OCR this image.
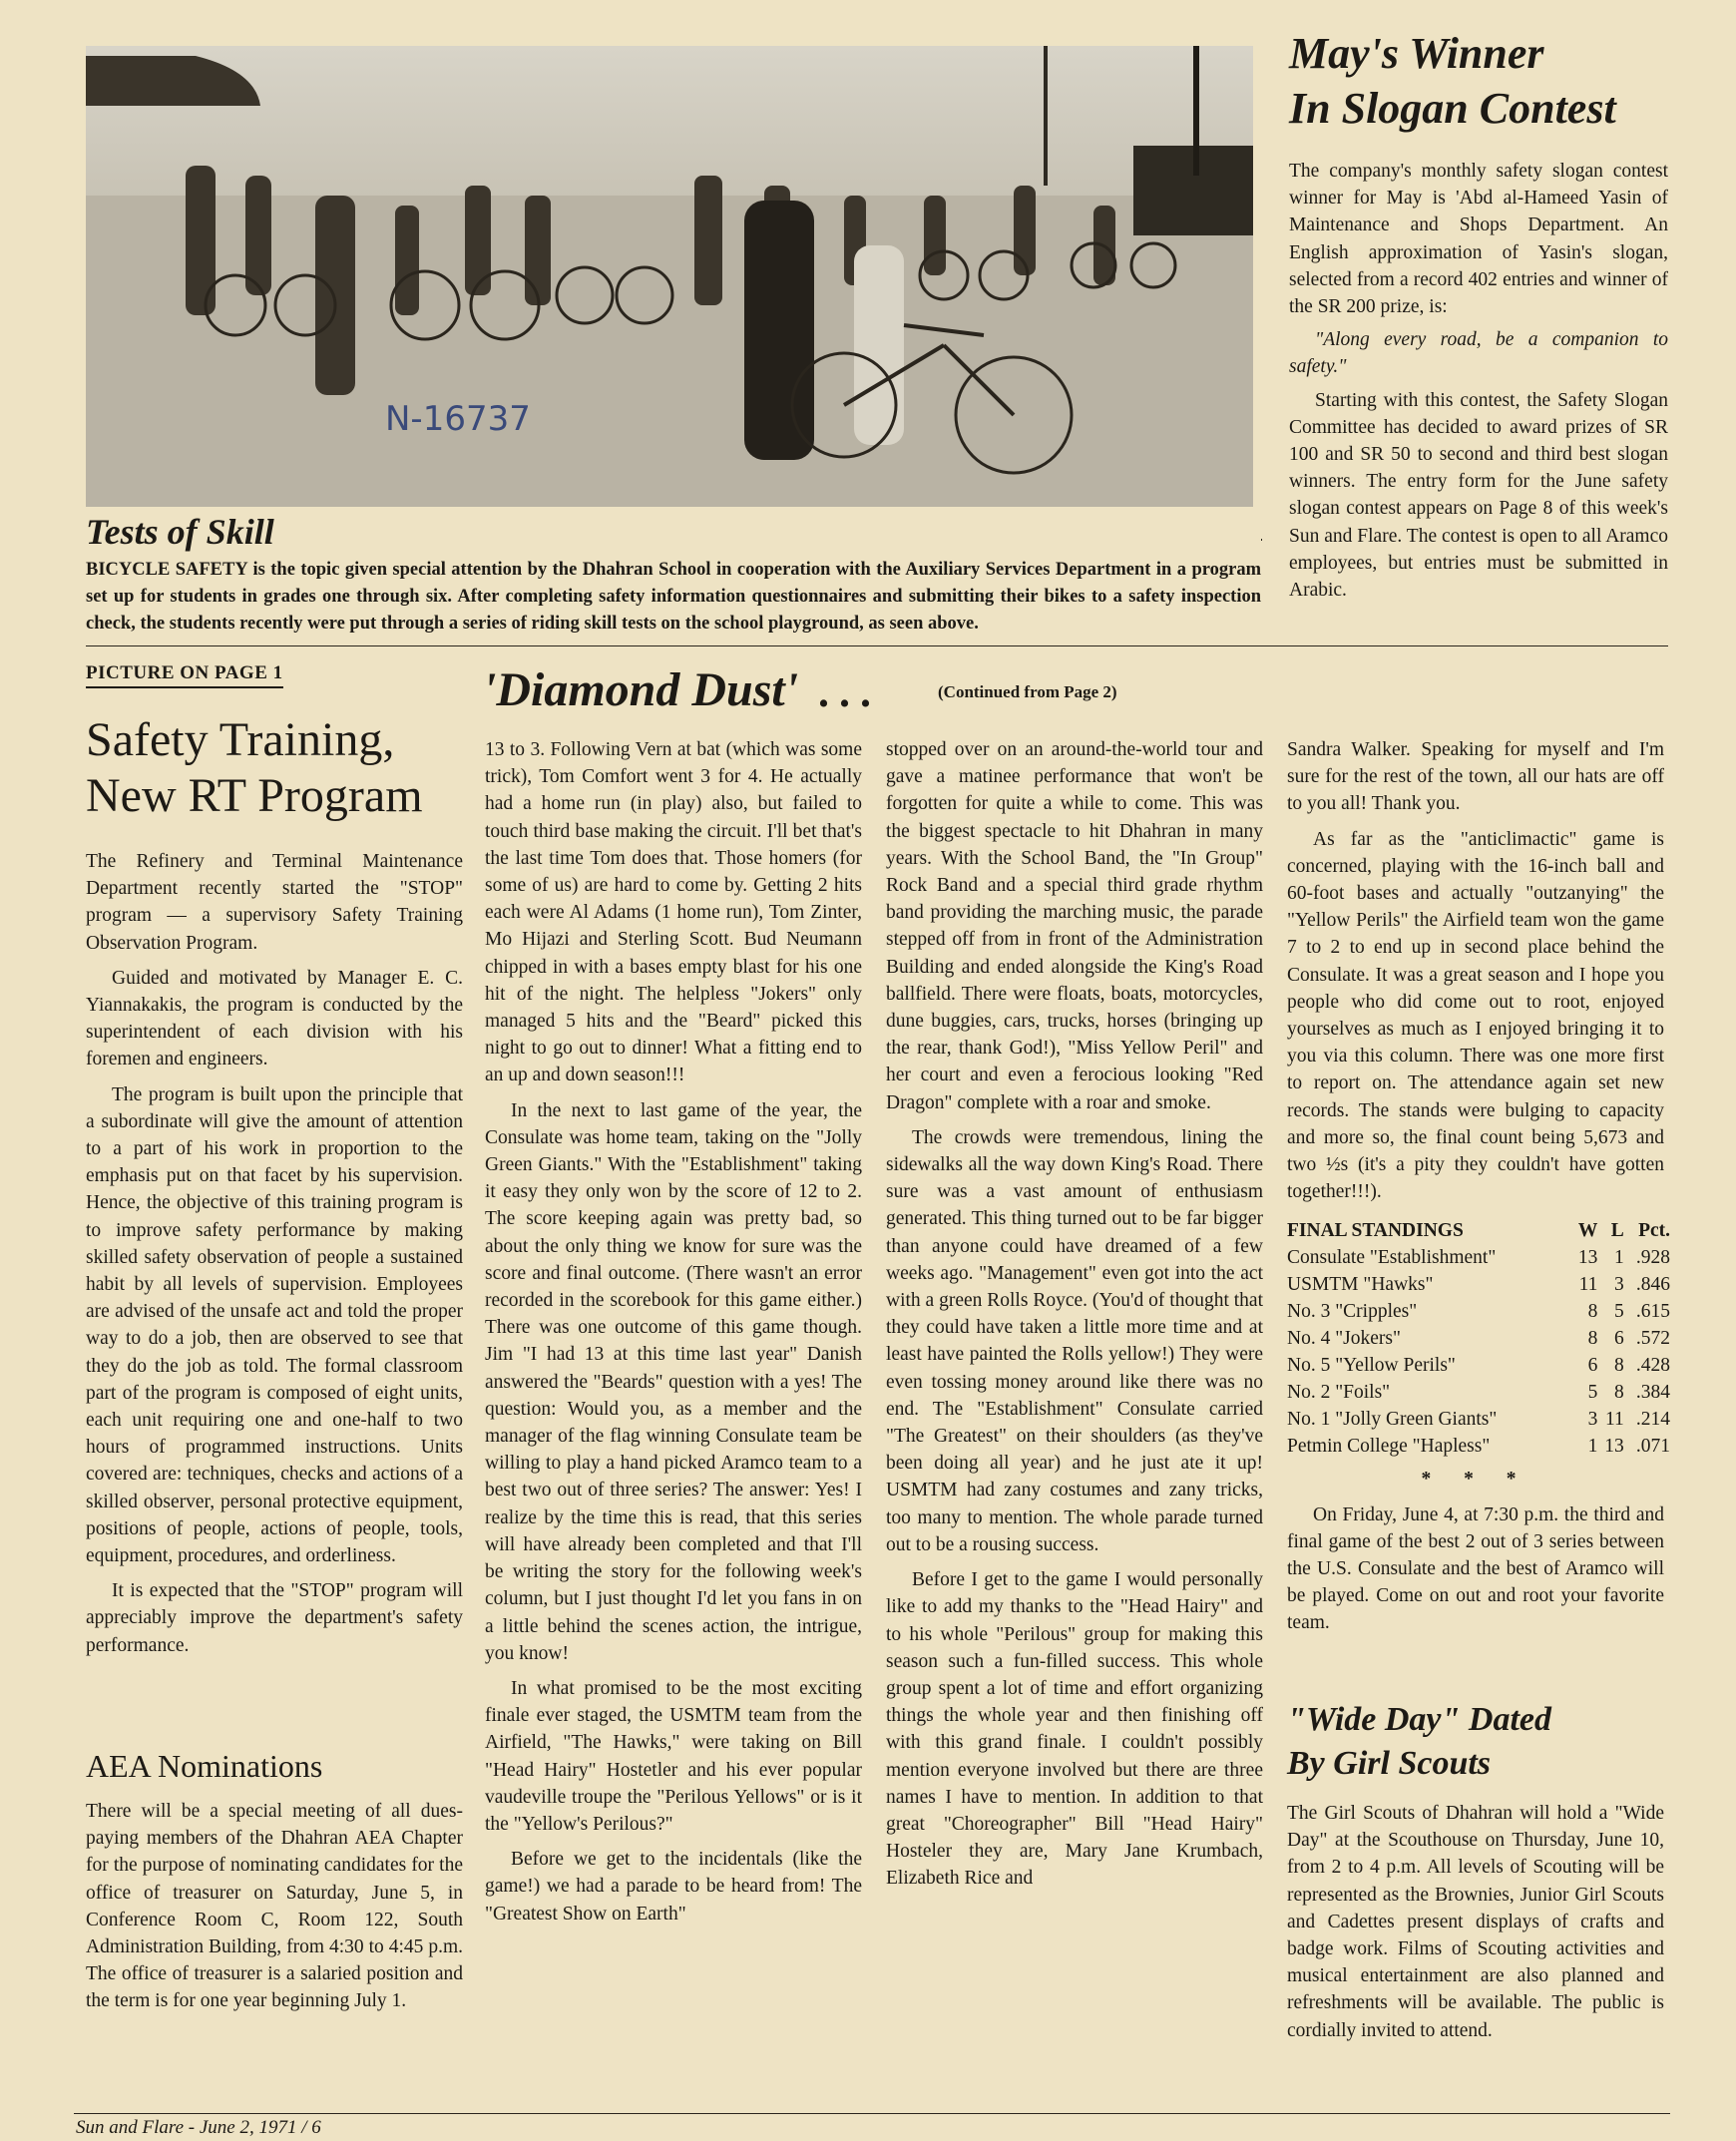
N-16737
Tests of Skill
BICYCLE SAFETY is the topic given special attention by the Dhahran School in cooperation with the Auxiliary Services Department in a program set up for students in grades one through six. After completing safety information questionnaires and submitting their bikes to a safety inspection check, the students recently were put through a series of riding skill tests on the school playground, as seen above.
May's Winner
In Slogan Contest

The company's monthly safety slogan contest winner for May is 'Abd al-Hameed Yasin of Maintenance and Shops Department. An English approximation of Yasin's slogan, selected from a record 402 entries and winner of the SR 200 prize, is:

"Along every road, be a companion to safety."

Starting with this contest, the Safety Slogan Committee has decided to award prizes of SR 100 and SR 50 to second and third best slogan winners. The entry form for the June safety slogan contest appears on Page 8 of this week's Sun and Flare. The contest is open to all Aramco employees, but entries must be submitted in Arabic.

PICTURE ON PAGE 1
Safety Training,
New RT Program

The Refinery and Terminal Maintenance Department recently started the "STOP" program — a supervisory Safety Training Observation Program.

Guided and motivated by Manager E. C. Yiannakakis, the program is conducted by the superintendent of each division with his foremen and engineers.

The program is built upon the principle that a subordinate will give the amount of attention to a part of his work in proportion to the emphasis put on that facet by his supervision. Hence, the objective of this training program is to improve safety performance by making skilled safety observation of people a sustained habit by all levels of supervision. Employees are advised of the unsafe act and told the proper way to do a job, then are observed to see that they do the job as told. The formal classroom part of the program is composed of eight units, each unit requiring one and one-half to two hours of programmed instructions. Units covered are: techniques, checks and actions of a skilled observer, personal protective equipment, positions of people, actions of people, tools, equipment, procedures, and orderliness.

It is expected that the "STOP" program will appreciably improve the department's safety performance.

AEA Nominations

There will be a special meeting of all dues-paying members of the Dhahran AEA Chapter for the purpose of nominating candidates for the office of treasurer on Saturday, June 5, in Conference Room C, Room 122, South Administration Building, from 4:30 to 4:45 p.m. The office of treasurer is a salaried position and the term is for one year beginning July 1.

'Diamond Dust' ...	(Continued from Page 2)

13 to 3. Following Vern at bat (which was some trick), Tom Comfort went 3 for 4. He actually had a home run (in play) also, but failed to touch third base making the circuit. I'll bet that's the last time Tom does that. Those homers (for some of us) are hard to come by. Getting 2 hits each were Al Adams (1 home run), Tom Zinter, Mo Hijazi and Sterling Scott. Bud Neumann chipped in with a bases empty blast for his one hit of the night. The helpless "Jokers" only managed 5 hits and the "Beard" picked this night to go out to dinner! What a fitting end to an up and down season!!!

In the next to last game of the year, the Consulate was home team, taking on the "Jolly Green Giants." With the "Establishment" taking it easy they only won by the score of 12 to 2. The score keeping again was pretty bad, so about the only thing we know for sure was the score and final outcome. (There wasn't an error recorded in the scorebook for this game either.) There was one outcome of this game though. Jim "I had 13 at this time last year" Danish answered the "Beards" question with a yes! The question: Would you, as a member and the manager of the flag winning Consulate team be willing to play a hand picked Aramco team to a best two out of three series? The answer: Yes! I realize by the time this is read, that this series will have already been completed and that I'll be writing the story for the following week's column, but I just thought I'd let you fans in on a little behind the scenes action, the intrigue, you know!

In what promised to be the most exciting finale ever staged, the USMTM team from the Airfield, "The Hawks," were taking on Bill "Head Hairy" Hostetler and his ever popular vaudeville troupe the "Perilous Yellows" or is it the "Yellow's Perilous?"

Before we get to the incidentals (like the game!) we had a parade to be heard from! The "Greatest Show on Earth"

stopped over on an around-the-world tour and gave a matinee performance that won't be forgotten for quite a while to come. This was the biggest spectacle to hit Dhahran in many years. With the School Band, the "In Group" Rock Band and a special third grade rhythm band providing the marching music, the parade stepped off from in front of the Administration Building and ended alongside the King's Road ballfield. There were floats, boats, motorcycles, dune buggies, cars, trucks, horses (bringing up the rear, thank God!), "Miss Yellow Peril" and her court and even a ferocious looking "Red Dragon" complete with a roar and smoke.

The crowds were tremendous, lining the sidewalks all the way down King's Road. There sure was a vast amount of enthusiasm generated. This thing turned out to be far bigger than anyone could have dreamed of a few weeks ago. "Management" even got into the act with a green Rolls Royce. (You'd of thought that they could have taken a little more time and at least have painted the Rolls yellow!) They were even tossing money around like there was no end. The "Establishment" Consulate carried "The Greatest" on their shoulders (as they've been doing all year) and he just ate it up! USMTM had zany costumes and zany tricks, too many to mention. The whole parade turned out to be a rousing success.

Before I get to the game I would personally like to add my thanks to the "Head Hairy" and to his whole "Perilous" group for making this season such a fun-filled success. This whole group spent a lot of time and effort organizing things the whole year and then finishing off with this grand finale. I couldn't possibly mention everyone involved but there are three names I have to mention. In addition to that great "Choreographer" Bill "Head Hairy" Hosteler they are, Mary Jane Krumbach, Elizabeth Rice and

Sandra Walker. Speaking for myself and I'm sure for the rest of the town, all our hats are off to you all! Thank you.

As far as the "anticlimactic" game is concerned, playing with the 16-inch ball and 60-foot bases and actually "outzanying" the "Yellow Perils" the Airfield team won the game 7 to 2 to end up in second place behind the Consulate. It was a great season and I hope you people who did come out to root, enjoyed yourselves as much as I enjoyed bringing it to you via this column. There was one more first to report on. The attendance again set new records. The stands were bulging to capacity and more so, the final count being 5,673 and two ½s (it's a pity they couldn't have gotten together!!!).

FINAL STANDINGS	W	L	Pct.
Consulate "Establishment"	13	1	.928
USMTM "Hawks"	11	3	.846
No. 3 "Cripples"	8	5	.615
No. 4 "Jokers"	8	6	.572
No. 5 "Yellow Perils"	6	8	.428
No. 2 "Foils"	5	8	.384
No. 1 "Jolly Green Giants"	3	11	.214
Petmin College "Hapless"	1	13	.071
* * *

On Friday, June 4, at 7:30 p.m. the third and final game of the best 2 out of 3 series between the U.S. Consulate and the best of Aramco will be played. Come on out and root your favorite team.

"Wide Day" Dated
By Girl Scouts

The Girl Scouts of Dhahran will hold a "Wide Day" at the Scouthouse on Thursday, June 10, from 2 to 4 p.m. All levels of Scouting will be represented as the Brownies, Junior Girl Scouts and Cadettes present displays of crafts and badge work. Films of Scouting activities and musical entertainment are also planned and refreshments will be available. The public is cordially invited to attend.

Sun and Flare - June 2, 1971 / 6
